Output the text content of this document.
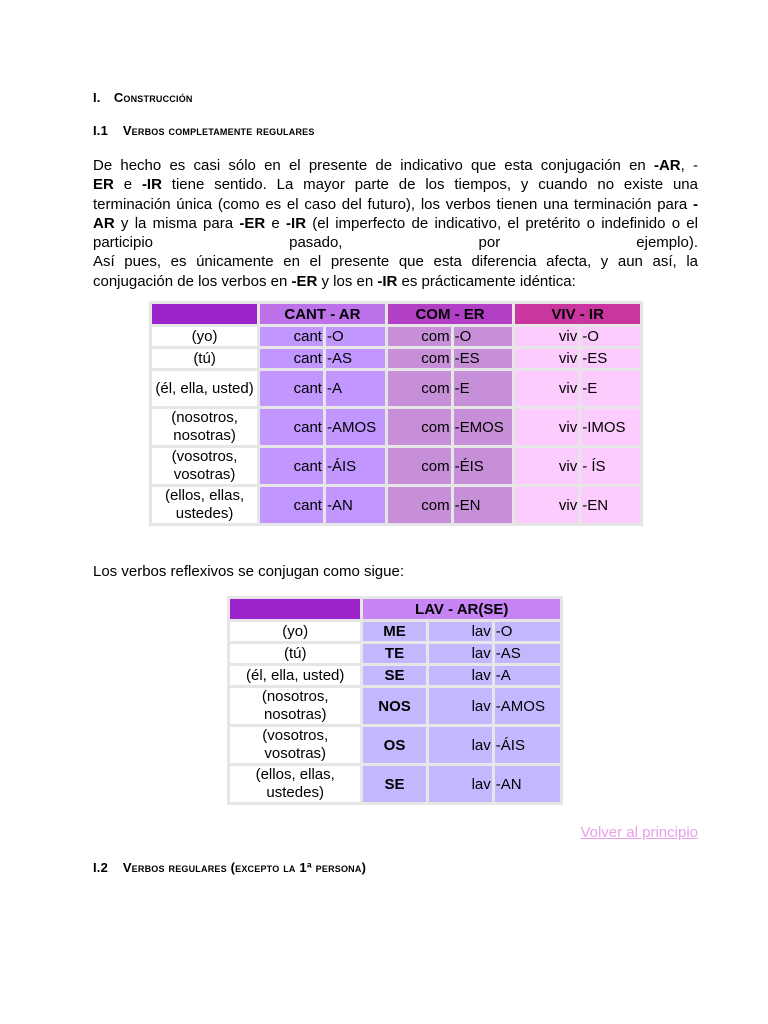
I. Construcción
I.1 Verbos completamente regulares
De hecho es casi sólo en el presente de indicativo que esta conjugación en -AR, -
ER e -IR tiene sentido. La mayor parte de los tiempos, y cuando no existe una
terminación única (como es el caso del futuro), los verbos tienen una terminación para -
AR y la misma para -ER e -IR (el imperfecto de indicativo, el pretérito o indefinido o el
participio pasado, por ejemplo).
Así pues, es únicamente en el presente que esta diferencia afecta, y aun así, la
conjugación de los verbos en -ER y los en -IR es prácticamente idéntica:
	CANT - AR		COM - ER		VIV - IR	
(yo)	cant	-O	com	-O	viv	-O
(tú)	cant	-AS	com	-ES	viv	-ES
(él, ella, usted)	cant	-A	com	-E	viv	-E
(nosotros, nosotras)	cant	-AMOS	com	-EMOS	viv	-IMOS
(vosotros, vosotras)	cant	-ÁIS	com	-ÉIS	viv	- ÍS
(ellos, ellas, ustedes)	cant	-AN	com	-EN	viv	-EN
Los verbos reflexivos se conjugan como sigue:
	LAV - AR(SE)		
(yo)	ME	lav	-O
(tú)	TE	lav	-AS
(él, ella, usted)	SE	lav	-A
(nosotros, nosotras)	NOS	lav	-AMOS
(vosotros, vosotras)	OS	lav	-ÁIS
(ellos, ellas, ustedes)	SE	lav	-AN
Volver al principio
I.2 Verbos regulares (excepto la 1ª persona)
